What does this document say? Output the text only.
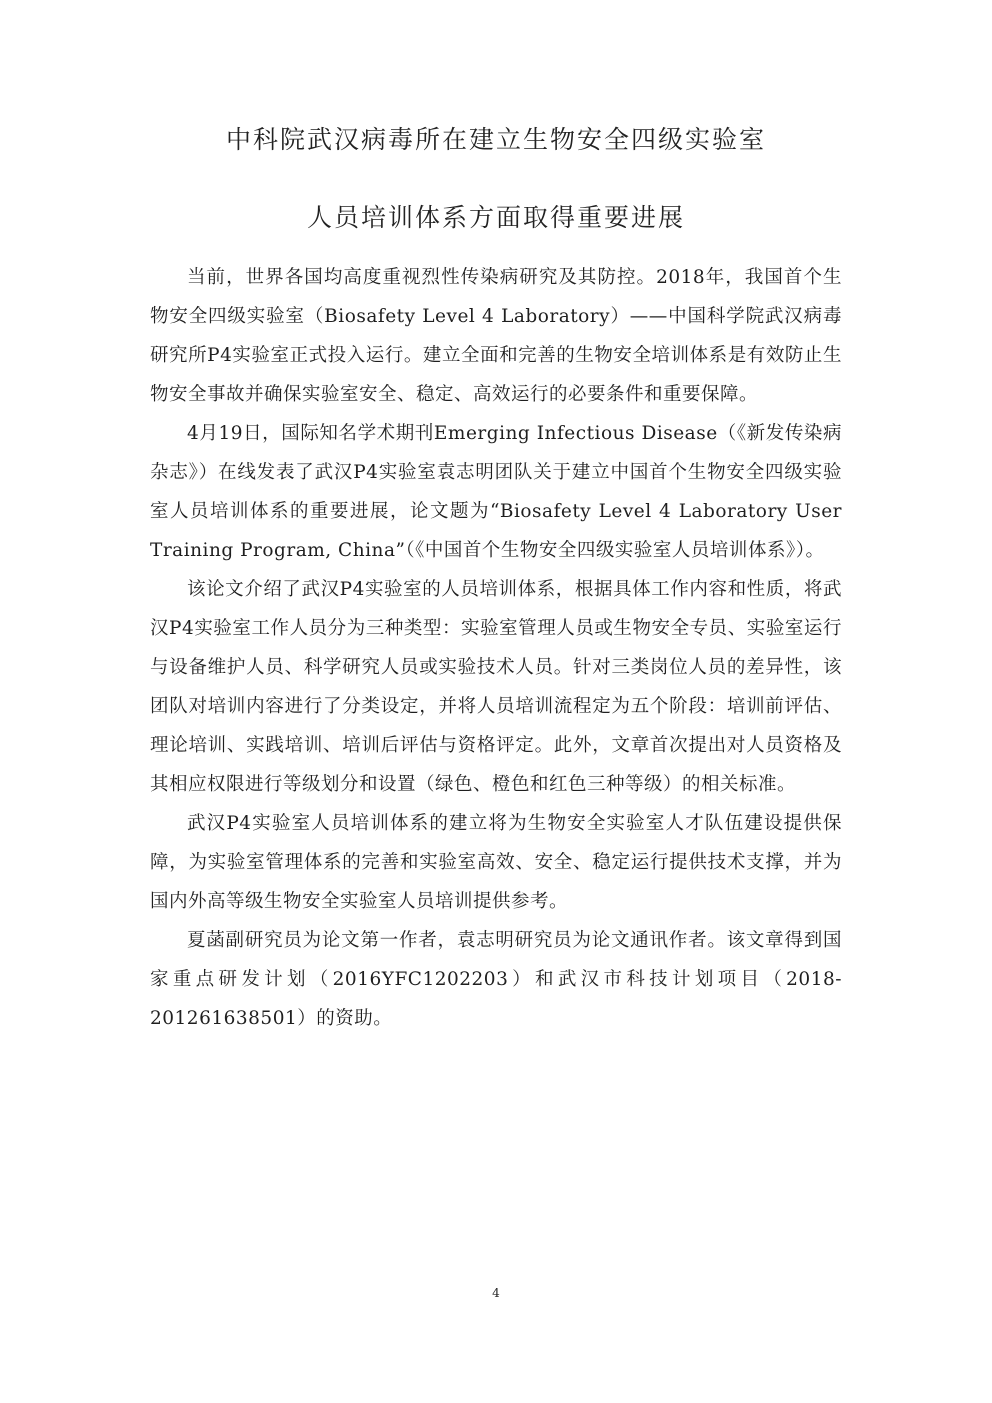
中科院武汉病毒所在建立生物安全四级实验室
人员培训体系方面取得重要进展

当前，世界各国均高度重视烈性传染病研究及其防控。2018年，我国首个生物安全四级实验室（Biosafety Level 4 Laboratory）——中国科学院武汉病毒研究所P4实验室正式投入运行。建立全面和完善的生物安全培训体系是有效防止生物安全事故并确保实验室安全、稳定、高效运行的必要条件和重要保障。

4月19日，国际知名学术期刊Emerging Infectious Disease（《新发传染病杂志》）在线发表了武汉P4实验室袁志明团队关于建立中国首个生物安全四级实验室人员培训体系的重要进展，论文题为“Biosafety Level 4 Laboratory User Training Program, China”（《中国首个生物安全四级实验室人员培训体系》）。

该论文介绍了武汉P4实验室的人员培训体系，根据具体工作内容和性质，将武汉P4实验室工作人员分为三种类型：实验室管理人员或生物安全专员、实验室运行与设备维护人员、科学研究人员或实验技术人员。针对三类岗位人员的差异性，该团队对培训内容进行了分类设定，并将人员培训流程定为五个阶段：培训前评估、理论培训、实践培训、培训后评估与资格评定。此外，文章首次提出对人员资格及其相应权限进行等级划分和设置（绿色、橙色和红色三种等级）的相关标准。

武汉P4实验室人员培训体系的建立将为生物安全实验室人才队伍建设提供保障，为实验室管理体系的完善和实验室高效、安全、稳定运行提供技术支撑，并为国内外高等级生物安全实验室人员培训提供参考。

夏菡副研究员为论文第一作者，袁志明研究员为论文通讯作者。该文章得到国家重点研发计划（2016YFC1202203）和武汉市科技计划项目（2018-201261638501）的资助。

4
